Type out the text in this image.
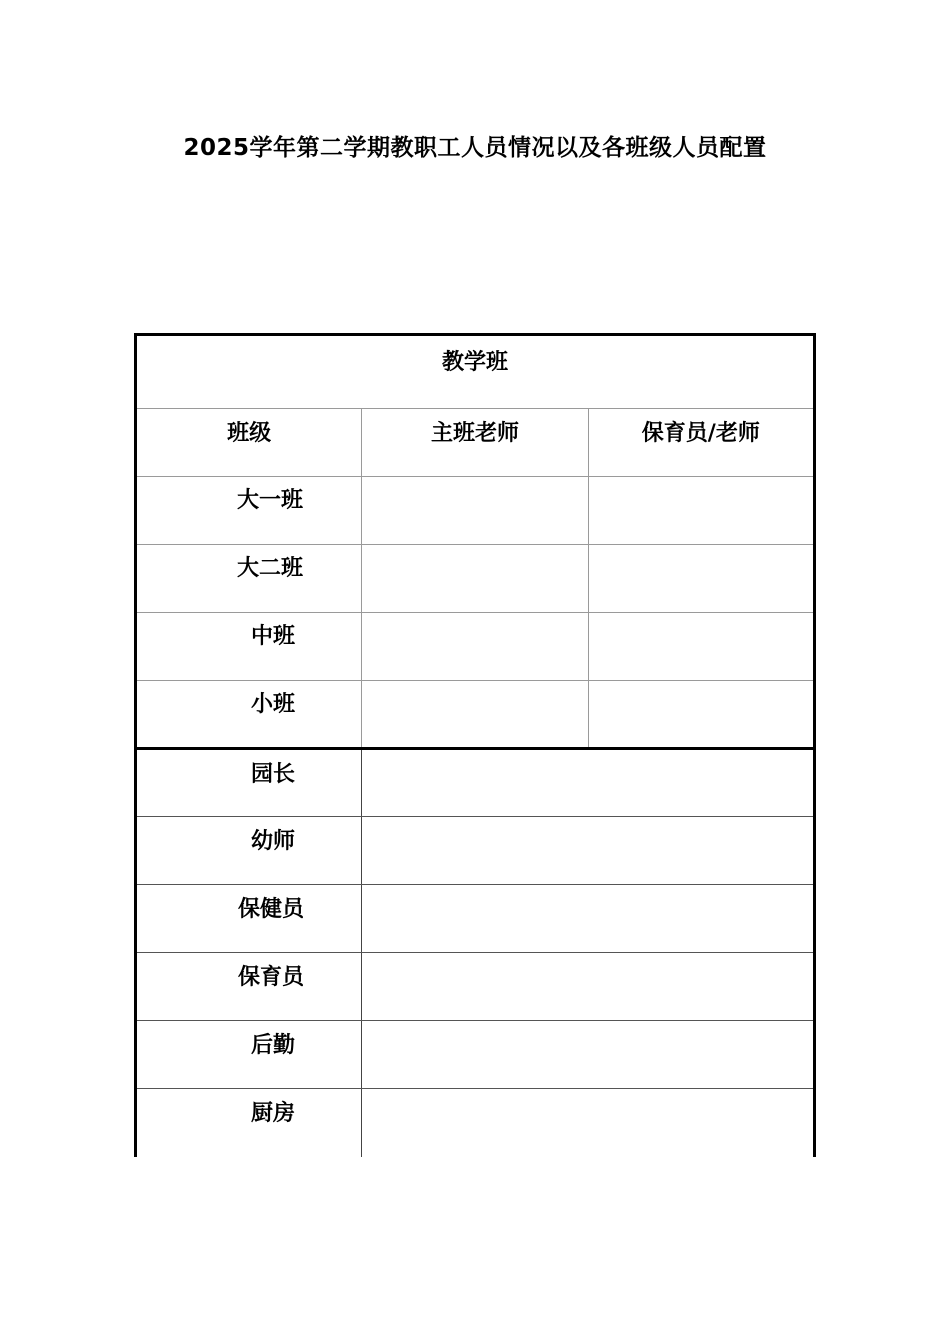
2025学年第二学期教职工人员情况以及各班级人员配置
教学班		
班级	主班老师	保育员/老师
大一班		
大二班		
中班		
小班		
园长		
幼师		
保健员		
保育员		
后勤		
厨房		
